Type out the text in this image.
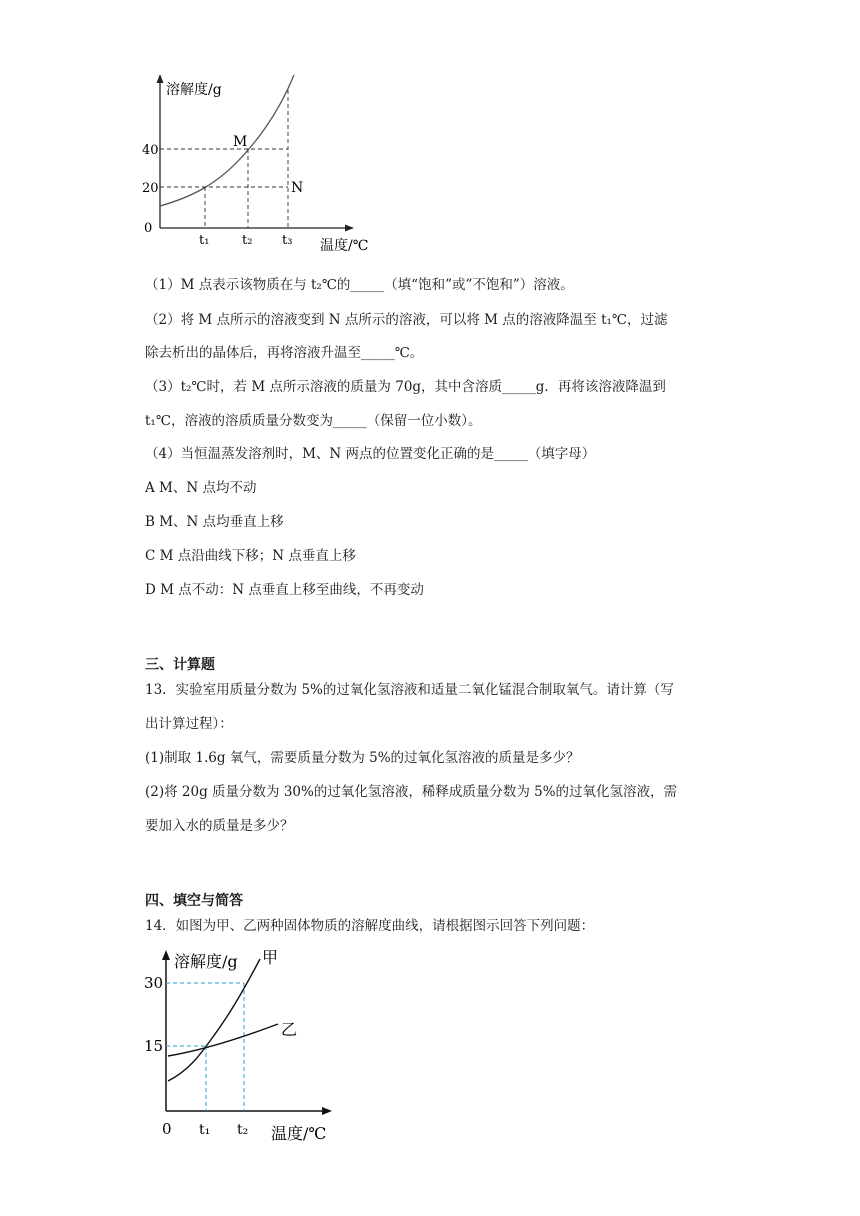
溶解度/g
温度/℃
0
40
20
t₁	t₂ t₃
M
N
（1）M 点表示该物质在与 t₂℃的_____（填“饱和”或”不饱和”）溶液。
（2）将 M 点所示的溶液变到 N 点所示的溶液，可以将 M 点的溶液降温至 t₁℃，过滤
除去析出的晶体后，再将溶液升温至_____℃。
（3）t₂℃时，若 M 点所示溶液的质量为 70g，其中含溶质_____g．再将该溶液降温到
t₁℃，溶液的溶质质量分数变为_____（保留一位小数）。
（4）当恒温蒸发溶剂时，M、N 两点的位置变化正确的是_____（填字母）
A M、N 点均不动
B M、N 点均垂直上移
C M 点沿曲线下移；N 点垂直上移
D M 点不动：N 点垂直上移至曲线，不再变动
三、计算题
13．实验室用质量分数为 5%的过氧化氢溶液和适量二氧化锰混合制取氧气。请计算（写
出计算过程）：
(1)制取 1.6g 氧气，需要质量分数为 5%的过氧化氢溶液的质量是多少？
(2)将 20g 质量分数为 30%的过氧化氢溶液，稀释成质量分数为 5%的过氧化氢溶液，需
要加入水的质量是多少？
四、填空与简答
14．如图为甲、乙两种固体物质的溶解度曲线，请根据图示回答下列问题：
溶解度/g 甲
乙
30
15
0 t₁ t₂ 温度/℃
